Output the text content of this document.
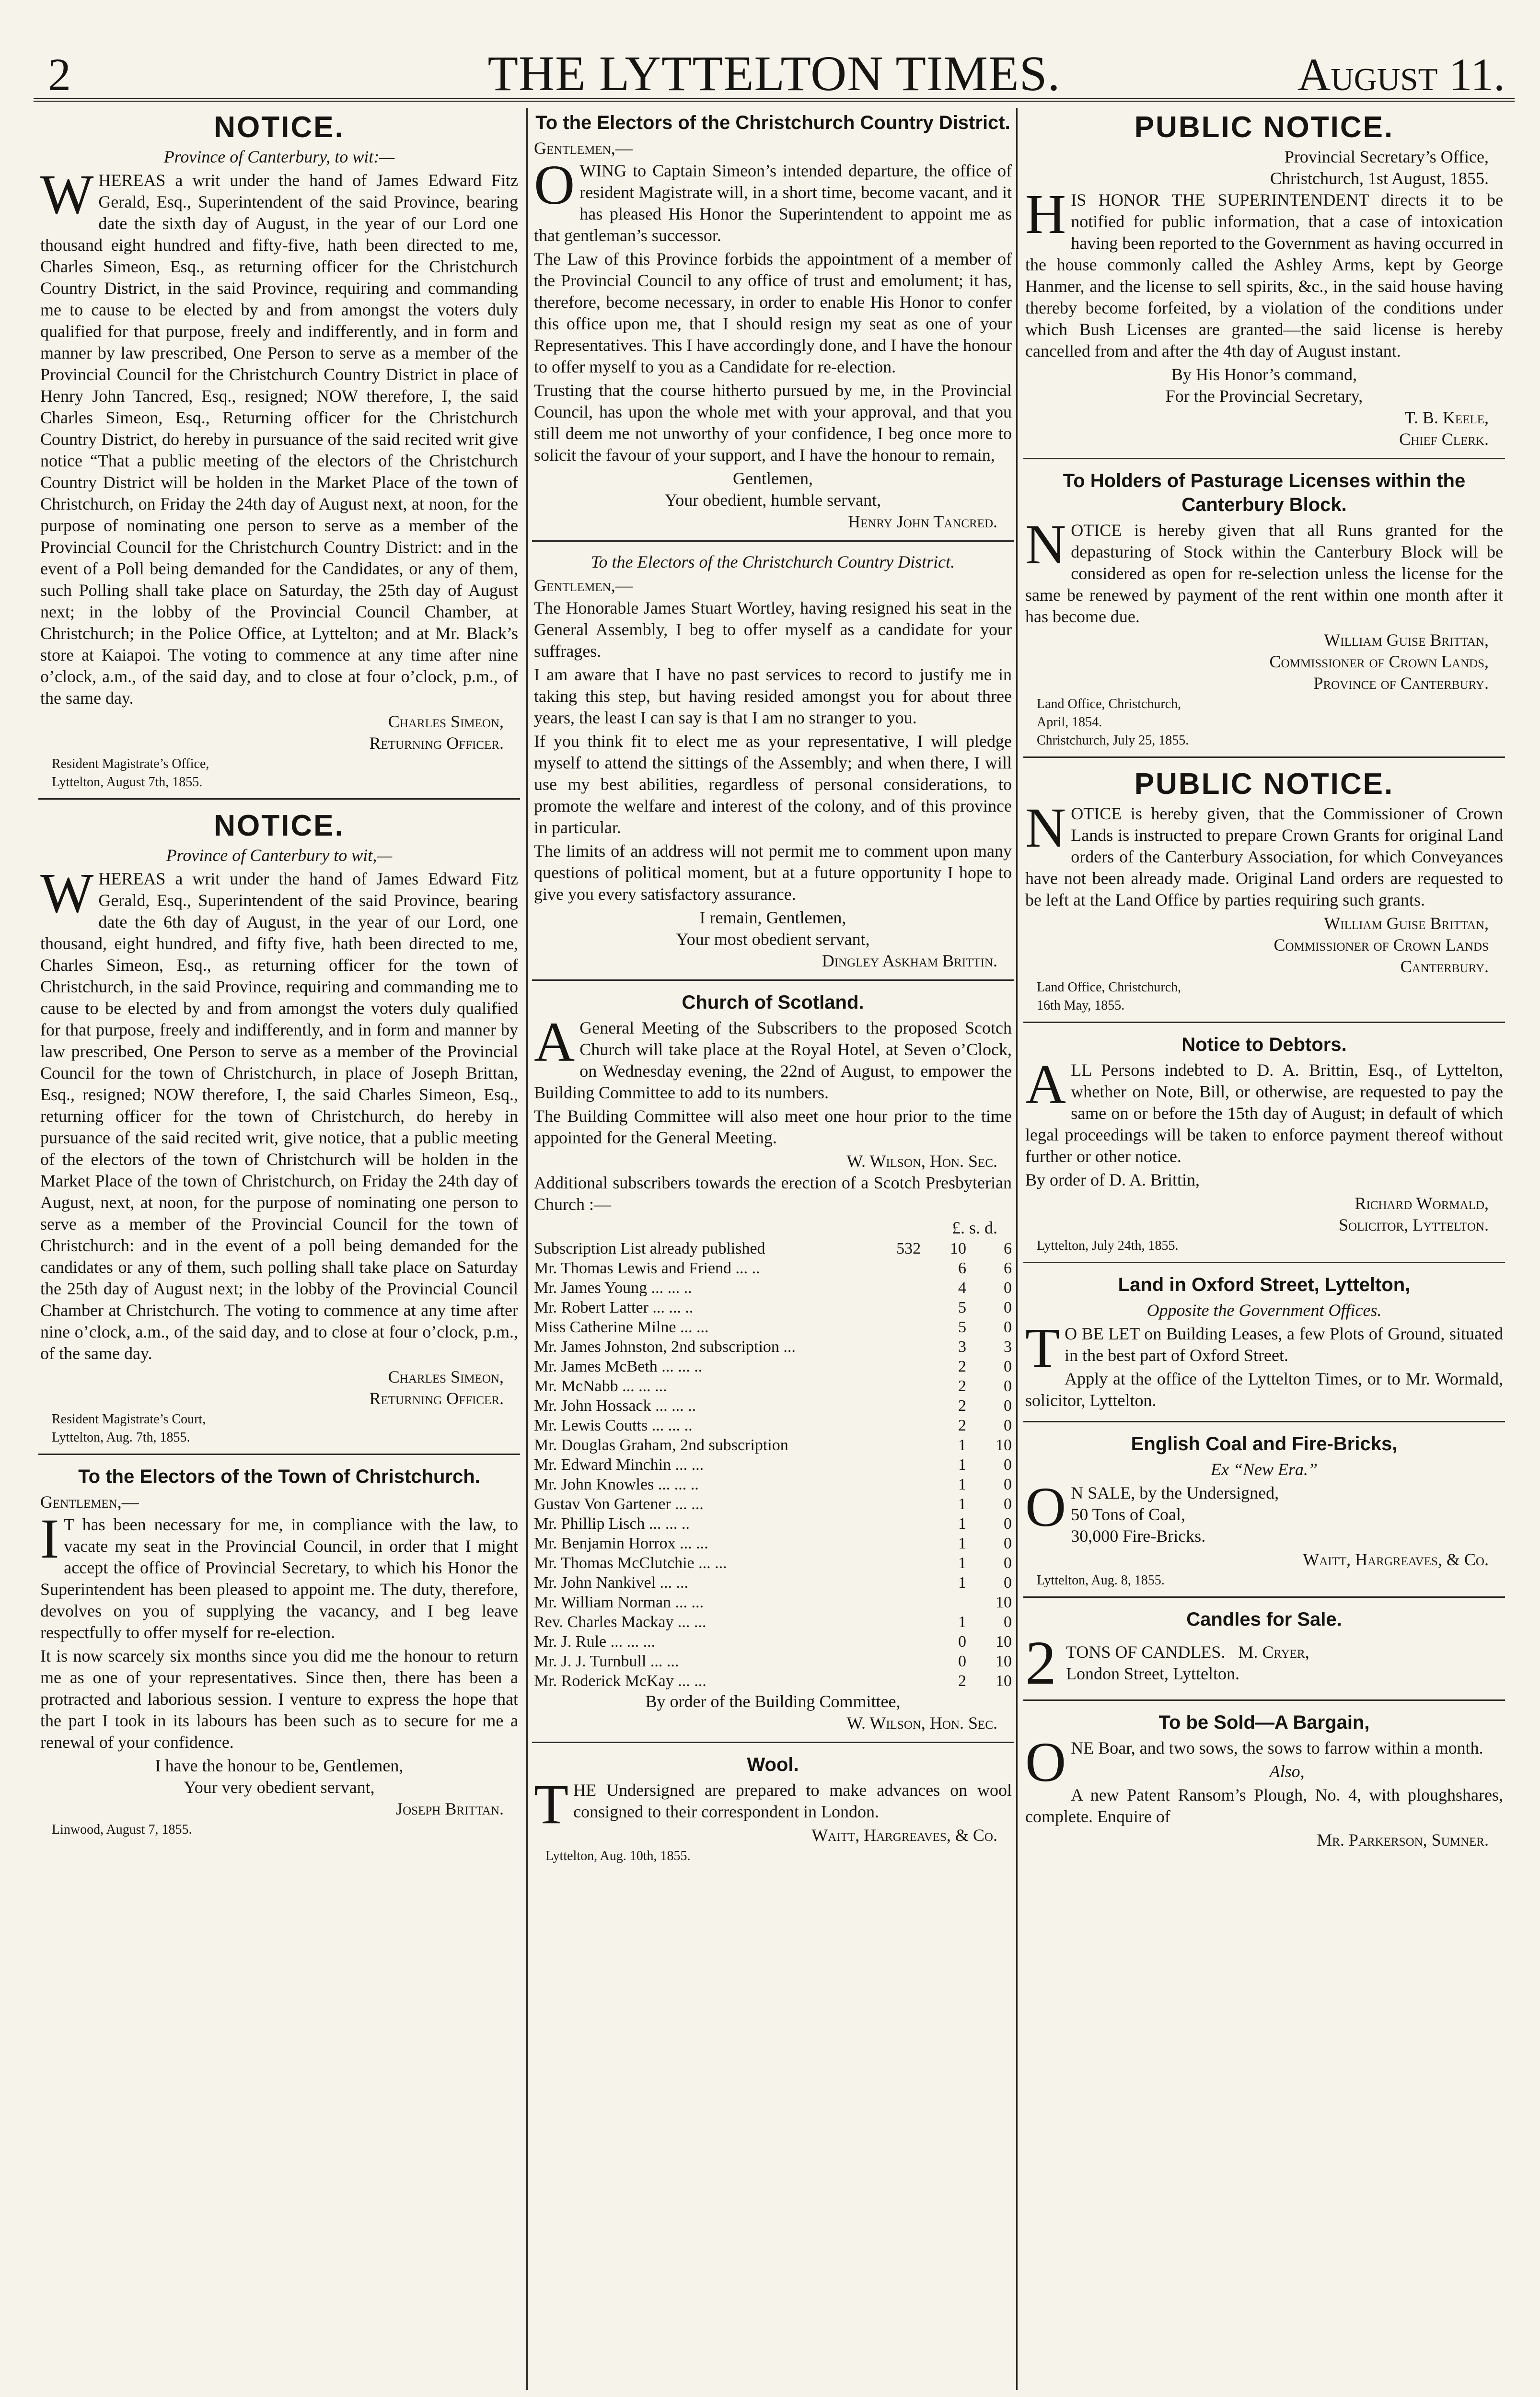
2	THE LYTTELTON TIMES.	August 11.
NOTICE.

Province of Canterbury, to wit:—

WHEREAS a writ under the hand of James Edward Fitz Gerald, Esq., Superintendent of the said Province, bearing date the sixth day of August, in the year of our Lord one thousand eight hundred and fifty-five, hath been directed to me, Charles Simeon, Esq., as returning officer for the Christchurch Country District, in the said Province, requiring and commanding me to cause to be elected by and from amongst the voters duly qualified for that purpose, freely and indifferently, and in form and manner by law prescribed, One Person to serve as a member of the Provincial Council for the Christchurch Country District in place of Henry John Tancred, Esq., resigned; NOW therefore, I, the said Charles Simeon, Esq., Returning officer for the Christchurch Country District, do hereby in pursuance of the said recited writ give notice “That a public meeting of the electors of the Christchurch Country District will be holden in the Market Place of the town of Christchurch, on Friday the 24th day of August next, at noon, for the purpose of nominating one person to serve as a member of the Provincial Council for the Christchurch Country District: and in the event of a Poll being demanded for the Candidates, or any of them, such Polling shall take place on Saturday, the 25th day of August next; in the lobby of the Provincial Council Chamber, at Christchurch; in the Police Office, at Lyttelton; and at Mr. Black’s store at Kaiapoi. The voting to commence at any time after nine o’clock, a.m., of the said day, and to close at four o’clock, p.m., of the same day.

Charles Simeon,

Returning Officer.

Resident Magistrate’s Office,

Lyttelton, August 7th, 1855.

NOTICE.

Province of Canterbury to wit,—

WHEREAS a writ under the hand of James Edward Fitz Gerald, Esq., Superintendent of the said Province, bearing date the 6th day of August, in the year of our Lord, one thousand, eight hundred, and fifty five, hath been directed to me, Charles Simeon, Esq., as returning officer for the town of Christchurch, in the said Province, requiring and commanding me to cause to be elected by and from amongst the voters duly qualified for that purpose, freely and indifferently, and in form and manner by law prescribed, One Person to serve as a member of the Provincial Council for the town of Christchurch, in place of Joseph Brittan, Esq., resigned; NOW therefore, I, the said Charles Simeon, Esq., returning officer for the town of Christchurch, do hereby in pursuance of the said recited writ, give notice, that a public meeting of the electors of the town of Christchurch will be holden in the Market Place of the town of Christchurch, on Friday the 24th day of August, next, at noon, for the purpose of nominating one person to serve as a member of the Provincial Council for the town of Christchurch: and in the event of a poll being demanded for the candidates or any of them, such polling shall take place on Saturday the 25th day of August next; in the lobby of the Provincial Council Chamber at Christchurch. The voting to commence at any time after nine o’clock, a.m., of the said day, and to close at four o’clock, p.m., of the same day.

Charles Simeon,

Returning Officer.

Resident Magistrate’s Court,

Lyttelton, Aug. 7th, 1855.

To the Electors of the Town of Christchurch.

Gentlemen,—

I T has been necessary for me, in compliance with the law, to vacate my seat in the Provincial Council, in order that I might accept the office of Provincial Secretary, to which his Honor the Superintendent has been pleased to appoint me. The duty, therefore, devolves on you of supplying the vacancy, and I beg leave respectfully to offer myself for re-election.

It is now scarcely six months since you did me the honour to return me as one of your representatives. Since then, there has been a protracted and laborious session. I venture to express the hope that the part I took in its labours has been such as to secure for me a renewal of your confidence.

I have the honour to be, Gentlemen,

Your very obedient servant,

Joseph Brittan.

Linwood, August 7, 1855.

To the Electors of the Christchurch Country District.

Gentlemen,—

OWING to Captain Simeon’s intended departure, the office of resident Magistrate will, in a short time, become vacant, and it has pleased His Honor the Superintendent to appoint me as that gentleman’s successor.

The Law of this Province forbids the appointment of a member of the Provincial Council to any office of trust and emolument; it has, therefore, become necessary, in order to enable His Honor to confer this office upon me, that I should resign my seat as one of your Representatives. This I have accordingly done, and I have the honour to offer myself to you as a Candidate for re-election.

Trusting that the course hitherto pursued by me, in the Provincial Council, has upon the whole met with your approval, and that you still deem me not unworthy of your confidence, I beg once more to solicit the favour of your support, and I have the honour to remain,

Gentlemen,

Your obedient, humble servant,

Henry John Tancred.

To the Electors of the Christchurch Country District.

Gentlemen,—

The Honorable James Stuart Wortley, having resigned his seat in the General Assembly, I beg to offer myself as a candidate for your suffrages.

I am aware that I have no past services to record to justify me in taking this step, but having resided amongst you for about three years, the least I can say is that I am no stranger to you.

If you think fit to elect me as your representative, I will pledge myself to attend the sittings of the Assembly; and when there, I will use my best abilities, regardless of personal considerations, to promote the welfare and interest of the colony, and of this province in particular.

The limits of an address will not permit me to comment upon many questions of political moment, but at a future opportunity I hope to give you every satisfactory assurance.

I remain, Gentlemen,

Your most obedient servant,

Dingley Askham Brittin.

Church of Scotland.

A General Meeting of the Subscribers to the proposed Scotch Church will take place at the Royal Hotel, at Seven o’Clock, on Wednesday evening, the 22nd of August, to empower the Building Committee to add to its numbers.

The Building Committee will also meet one hour prior to the time appointed for the General Meeting.

W. Wilson, Hon. Sec.

Additional subscribers towards the erection of a Scotch Presbyterian Church :—

£. s. d.

Subscription List already published	532	10	6
Mr. Thomas Lewis and Friend ... ..		6	6
Mr. James Young ... ... ..		4	0
Mr. Robert Latter ... ... ..		5	0
Miss Catherine Milne ... ...		5	0
Mr. James Johnston, 2nd subscription ...		3	3
Mr. James McBeth ... ... ..		2	0
Mr. McNabb ... ... ...		2	0
Mr. John Hossack ... ... ..		2	0
Mr. Lewis Coutts ... ... ..		2	0
Mr. Douglas Graham, 2nd subscription		1	10
Mr. Edward Minchin ... ...		1	0
Mr. John Knowles ... ... ..		1	0
Gustav Von Gartener ... ...		1	0
Mr. Phillip Lisch ... ... ..		1	0
Mr. Benjamin Horrox ... ...		1	0
Mr. Thomas McClutchie ... ...		1	0
Mr. John Nankivel ... ...		1	0
Mr. William Norman ... ...			10
Rev. Charles Mackay ... ...		1	0
Mr. J. Rule ... ... ...		0	10
Mr. J. J. Turnbull ... ...		0	10
Mr. Roderick McKay ... ...		2	10

By order of the Building Committee,

W. Wilson, Hon. Sec.

Wool.

THE Undersigned are prepared to make advances on wool consigned to their correspondent in London.

Waitt, Hargreaves, & Co.

Lyttelton, Aug. 10th, 1855.

PUBLIC NOTICE.

Provincial Secretary’s Office,

Christchurch, 1st August, 1855.

HIS HONOR THE SUPERINTENDENT directs it to be notified for public information, that a case of intoxication having been reported to the Government as having occurred in the house commonly called the Ashley Arms, kept by George Hanmer, and the license to sell spirits, &c., in the said house having thereby become forfeited, by a violation of the conditions under which Bush Licenses are granted—the said license is hereby cancelled from and after the 4th day of August instant.

By His Honor’s command,

For the Provincial Secretary,

T. B. Keele,

Chief Clerk.

To Holders of Pasturage Licenses within the Canterbury Block.

NOTICE is hereby given that all Runs granted for the depasturing of Stock within the Canterbury Block will be considered as open for re-selection unless the license for the same be renewed by payment of the rent within one month after it has become due.

William Guise Brittan,

Commissioner of Crown Lands,

Province of Canterbury.

Land Office, Christchurch,

April, 1854.

Christchurch, July 25, 1855.

PUBLIC NOTICE.

NOTICE is hereby given, that the Commissioner of Crown Lands is instructed to prepare Crown Grants for original Land orders of the Canterbury Association, for which Conveyances have not been already made. Original Land orders are requested to be left at the Land Office by parties requiring such grants.

William Guise Brittan,

Commissioner of Crown Lands

Canterbury.

Land Office, Christchurch,

16th May, 1855.

Notice to Debtors.

ALL Persons indebted to D. A. Brittin, Esq., of Lyttelton, whether on Note, Bill, or otherwise, are requested to pay the same on or before the 15th day of August; in default of which legal proceedings will be taken to enforce payment thereof without further or other notice.

By order of D. A. Brittin,

Richard Wormald,

Solicitor, Lyttelton.

Lyttelton, July 24th, 1855.

Land in Oxford Street, Lyttelton,

Opposite the Government Offices.

T O BE LET on Building Leases, a few Plots of Ground, situated in the best part of Oxford Street.

Apply at the office of the Lyttelton Times, or to Mr. Wormald, solicitor, Lyttelton.

English Coal and Fire-Bricks,

Ex “New Era.”

O N SALE, by the Undersigned,
50 Tons of Coal,
30,000 Fire-Bricks.

Waitt, Hargreaves, & Co.

Lyttelton, Aug. 8, 1855.

Candles for Sale.
2 TONS OF CANDLES. M. Cryer,
London Street, Lyttelton.
To be Sold—A Bargain,

ONE Boar, and two sows, the sows to farrow within a month.

Also,

A new Patent Ransom’s Plough, No. 4, with ploughshares, complete. Enquire of

Mr. Parkerson, Sumner.
